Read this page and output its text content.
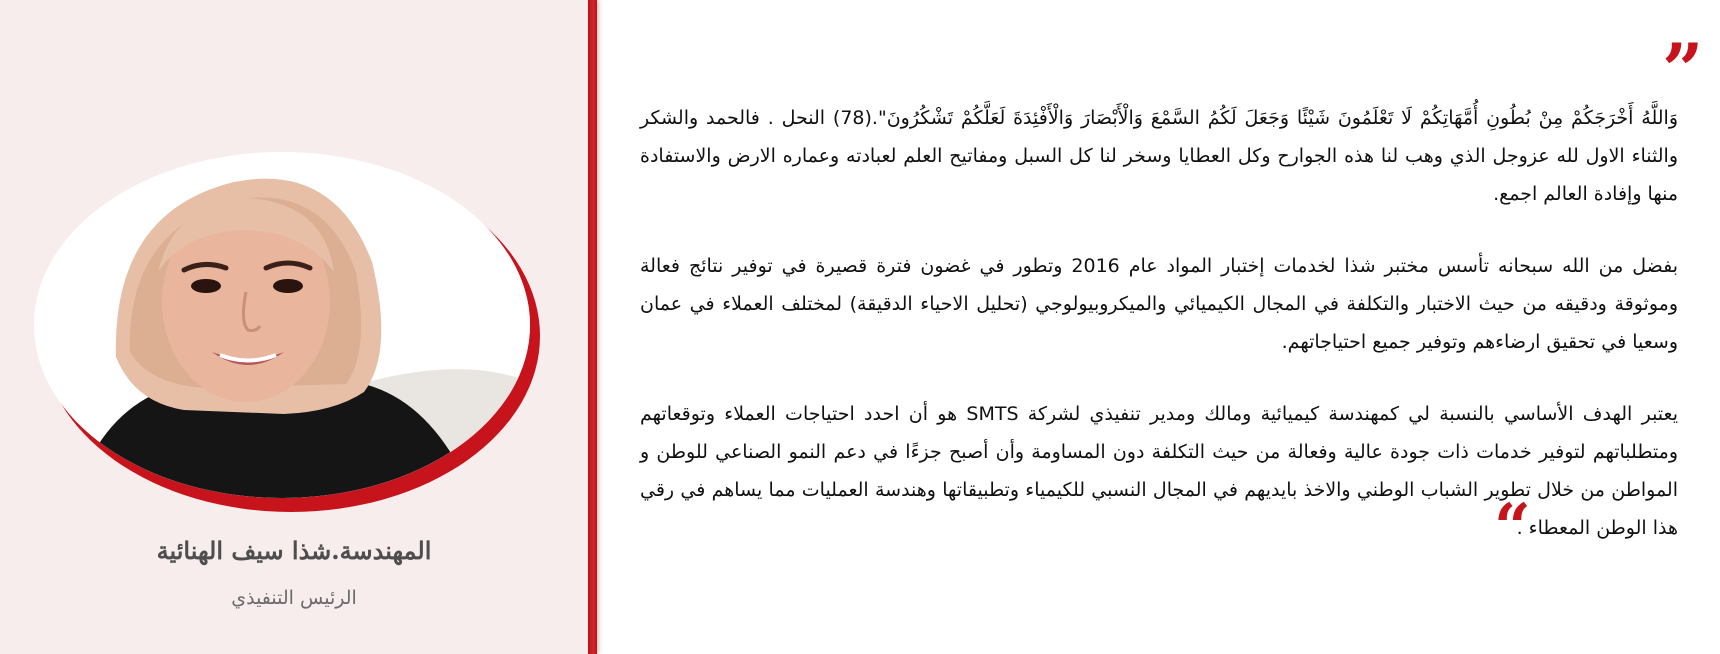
المهندسة.شذا سيف الهنائية
الرئيس التنفيذي
”

وَاللَّهُ أَخْرَجَكُمْ مِنْ بُطُونِ أُمَّهَاتِكُمْ لَا تَعْلَمُونَ شَيْئًا وَجَعَلَ لَكُمُ السَّمْعَ وَالْأَبْصَارَ وَالْأَفْئِدَةَ لَعَلَّكُمْ تَشْكُرُونَ".(78) النحل . فالحمد والشكر والثناء الاول لله عزوجل الذي وهب لنا هذه الجوارح وكل العطايا وسخر لنا كل السبل ومفاتيح العلم لعبادته وعماره الارض والاستفادة منها وإفادة العالم اجمع.

بفضل من الله سبحانه تأسس مختبر شذا لخدمات إختبار المواد عام 2016 وتطور في غضون فترة قصيرة في توفير نتائج فعالة وموثوقة ودقيقه من حيث الاختبار والتكلفة في المجال الكيميائي والميكروبيولوجي (تحليل الاحياء الدقيقة) لمختلف العملاء في عمان وسعيا في تحقيق ارضاءهم وتوفير جميع احتياجاتهم.

يعتبر الهدف الأساسي بالنسبة لي كمهندسة كيميائية ومالك ومدير تنفيذي لشركة SMTS هو أن احدد احتياجات العملاء وتوقعاتهم ومتطلباتهم لتوفير خدمات ذات جودة عالية وفعالة من حيث التكلفة دون المساومة وأن أصبح جزءًا في دعم النمو الصناعي للوطن و المواطن من خلال تطوير الشباب الوطني والاخذ بايديهم في المجال النسبي للكيمياء وتطبيقاتها وهندسة العمليات مما يساهم في رقي هذا الوطن المعطاء .

“
